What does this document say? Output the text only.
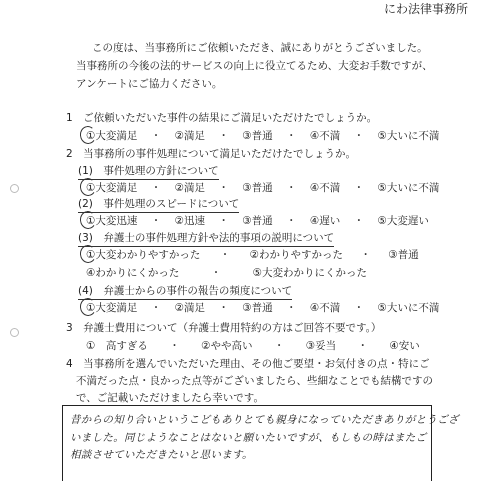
にわ法律事務所
この度は、当事務所にご依頼いただき、誠にありがとうございました。
当事務所の今後の法的サービスの向上に役立てるため、大変お手数ですが、
アンケートにご協力ください。
1　ご依頼いただいた事件の結果にご満足いただけたでしょうか。
①大変満足 ・ ②満足 ・ ③普通 ・ ④不満 ・ ⑤大いに不満
2　当事務所の事件処理について満足いただけたでしょうか。
(1)　事件処理の方針について
①大変満足 ・ ②満足 ・ ③普通 ・ ④不満 ・ ⑤大いに不満
(2)　事件処理のスピードについて
①大変迅速 ・ ②迅速 ・ ③普通 ・ ④遅い ・ ⑤大変遅い
(3)　弁護士の事件処理方針や法的事項の説明について
①大変わかりやすかった ・ ②わかりやすかった ・ ③普通
④わかりにくかった	・	⑤大変わかりにくかった
(4)　弁護士からの事件の報告の頻度について
①大変満足 ・ ②満足 ・ ③普通 ・ ④不満 ・ ⑤大いに不満
3　弁護士費用について（弁護士費用特約の方はご回答不要です。）
①　高すぎる ・ ②やや高い ・ ③妥当 ・ ④安い
4　当事務所を選んでいただいた理由、その他ご要望・お気付きの点・特にご
不満だった点・良かった点等がございましたら、些細なことでも結構ですの
で、ご記載いただけましたら幸いです。
昔からの知り合いというこどもありとても親身になっていただきありがとうござ
いました。同じようなことはないと願いたいですが、もしもの時はまたご
相談させていただきたいと思います。
